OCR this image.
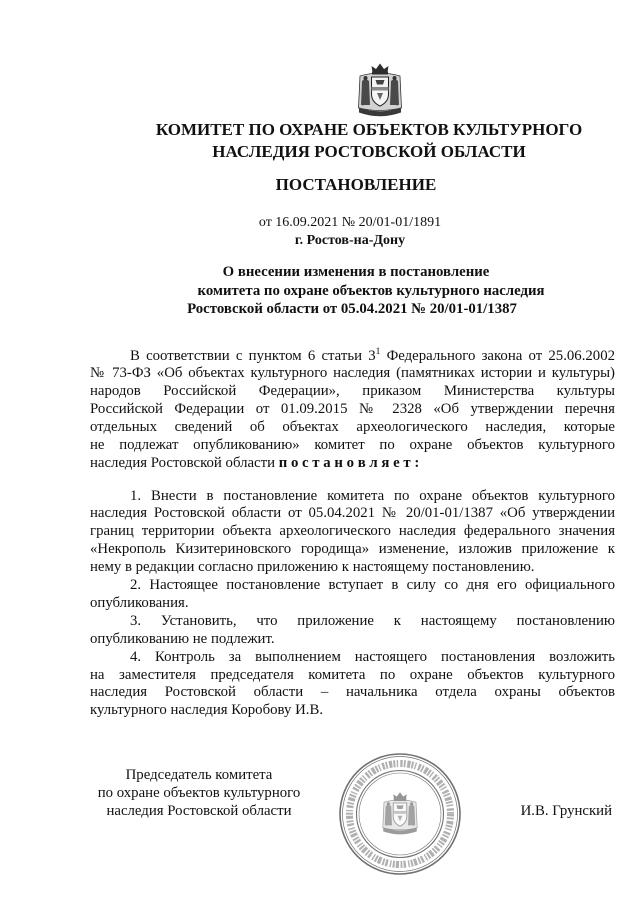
КОМИТЕТ ПО ОХРАНЕ ОБЪЕКТОВ КУЛЬТУРНОГО
НАСЛЕДИЯ РОСТОВСКОЙ ОБЛАСТИ
ПОСТАНОВЛЕНИЕ
от 16.09.2021 № 20/01-01/1891
г. Ростов-на-Дону
О внесении изменения в постановление
комитета по охране объектов культурного наследия
Ростовской области от 05.04.2021 № 20/01-01/1387
В соответствии с пунктом 6 статьи 3$^1$ Федерального закона от 25.06.2002
№ 73-ФЗ «Об объектах культурного наследия (памятниках истории и культуры)
народов Российской Федерации», приказом Министерства культуры
Российской Федерации от 01.09.2015 № 2328 «Об утверждении перечня
отдельных сведений об объектах археологического наследия, которые
не подлежат опубликованию» комитет по охране объектов культурного
наследия Ростовской области п о с т а н о в л я е т :
1. Внести в постановление комитета по охране объектов культурного
наследия Ростовской области от 05.04.2021 № 20/01-01/1387 «Об утверждении
границ территории объекта археологического наследия федерального значения
«Некрополь Кизитериновского городища» изменение, изложив приложение к
нему в редакции согласно приложению к настоящему постановлению.
2. Настоящее постановление вступает в силу со дня его официального
опубликования.
3. Установить, что приложение к настоящему постановлению
опубликованию не подлежит.
4. Контроль за выполнением настоящего постановления возложить
на заместителя председателя комитета по охране объектов культурного
наследия Ростовской области – начальника отдела охраны объектов
культурного наследия Коробову И.В.
Председатель комитета
по охране объектов культурного
наследия Ростовской области	И.В. Грунский
